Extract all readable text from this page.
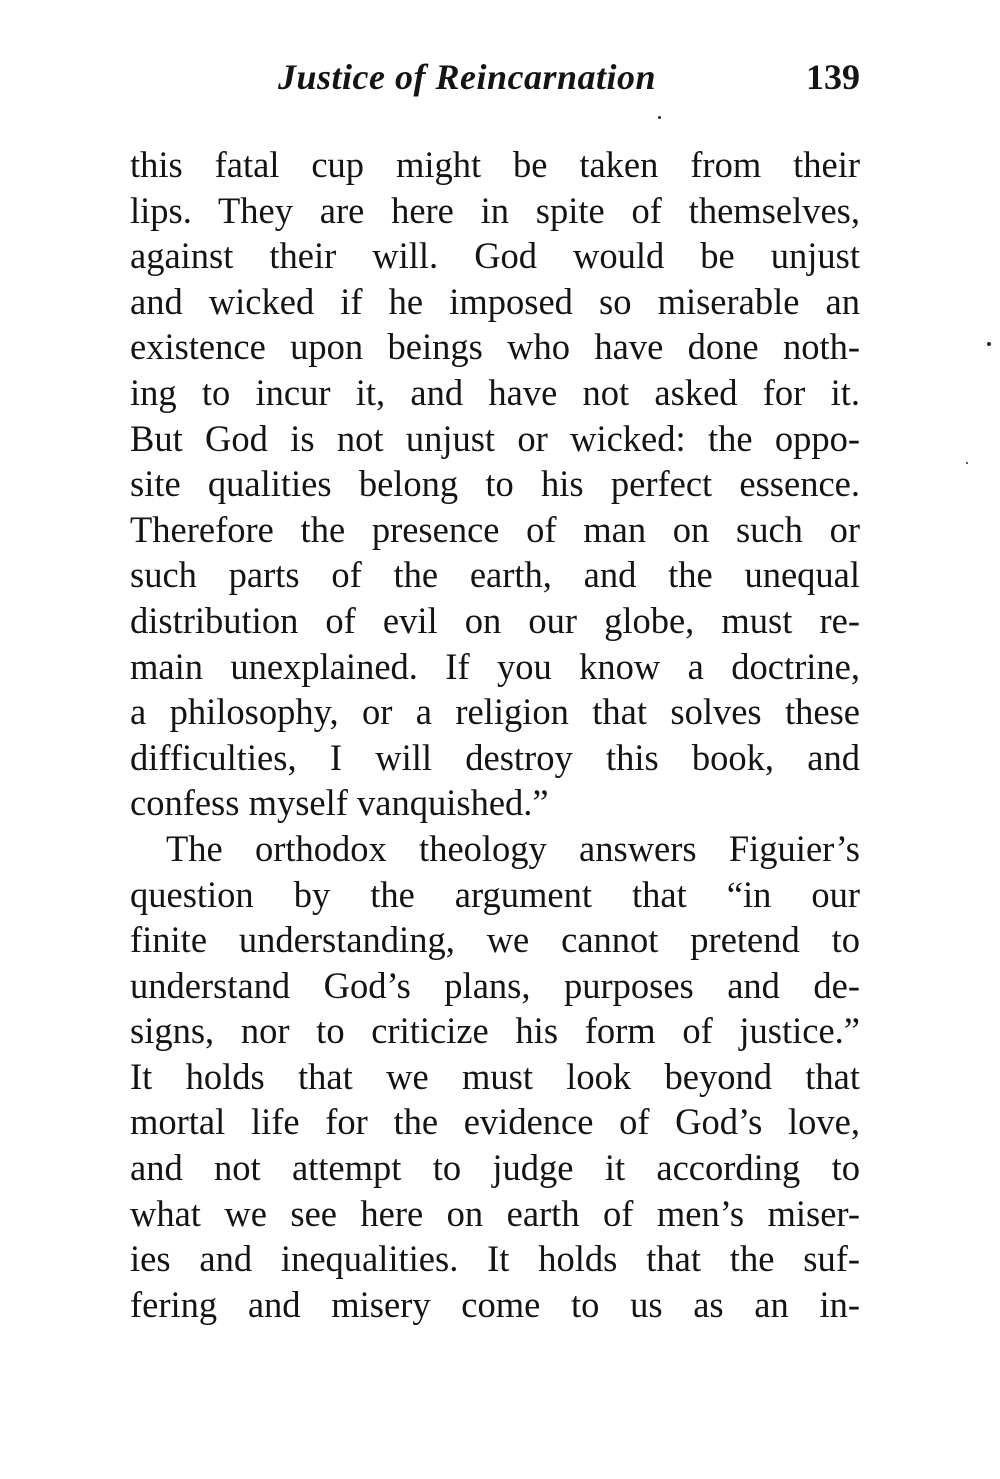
Justice of Reincarnation	139
this fatal cup might be taken from their
lips. They are here in spite of themselves,
against their will. God would be unjust
and wicked if he imposed so miserable an
existence upon beings who have done noth-
ing to incur it, and have not asked for it.
But God is not unjust or wicked: the oppo-
site qualities belong to his perfect essence.
Therefore the presence of man on such or
such parts of the earth, and the unequal
distribution of evil on our globe, must re-
main unexplained. If you know a doctrine,
a philosophy, or a religion that solves these
difficulties, I will destroy this book, and
confess myself vanquished.”
The orthodox theology answers Figuier’s
question by the argument that “in our
finite understanding, we cannot pretend to
understand God’s plans, purposes and de-
signs, nor to criticize his form of justice.”
It holds that we must look beyond that
mortal life for the evidence of God’s love,
and not attempt to judge it according to
what we see here on earth of men’s miser-
ies and inequalities. It holds that the suf-
fering and misery come to us as an in-
